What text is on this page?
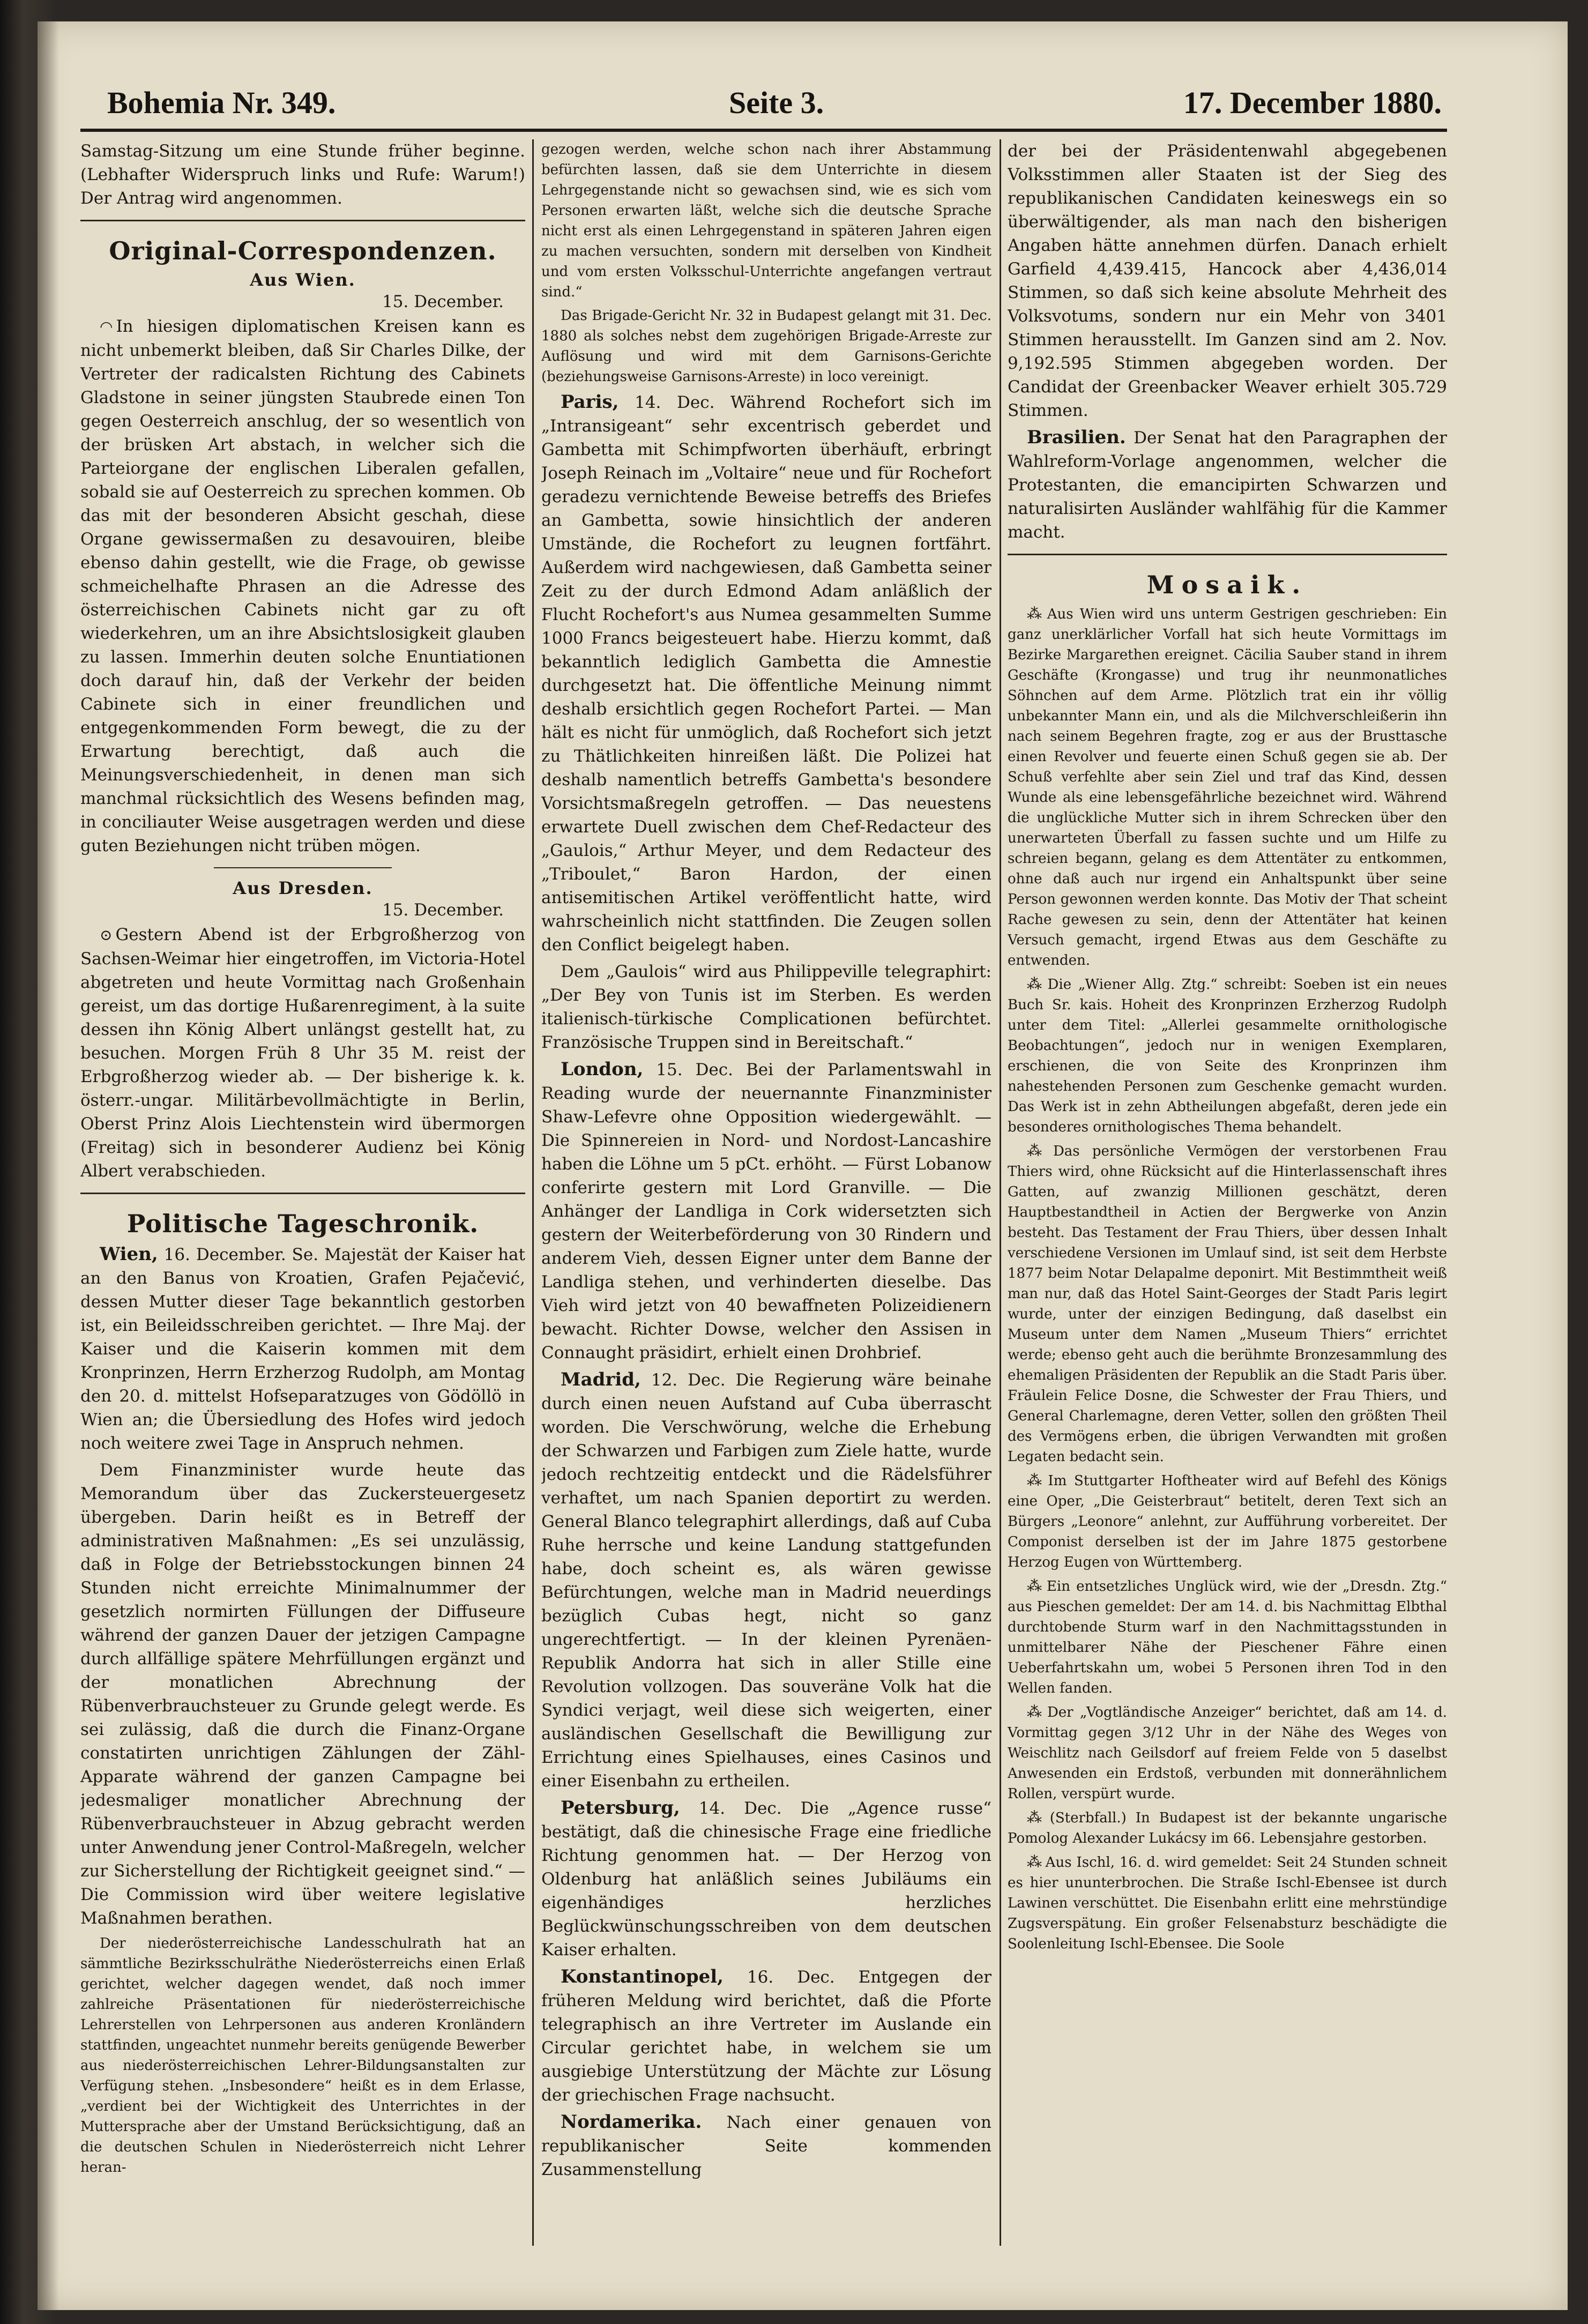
Bohemia Nr. 349.	Seite 3.	17. December 1880.

Samstag-Sitzung um eine Stunde früher beginne. (Lebhafter Widerspruch links und Rufe: Warum!) Der Antrag wird angenommen.

Original-Correspondenzen.
Aus Wien.
15. December.

◠ In hiesigen diplomatischen Kreisen kann es nicht unbemerkt bleiben, daß Sir Charles Dilke, der Vertreter der radicalsten Richtung des Cabinets Gladstone in seiner jüngsten Staubrede einen Ton gegen Oesterreich anschlug, der so wesentlich von der brüsken Art abstach, in welcher sich die Parteiorgane der englischen Liberalen gefallen, sobald sie auf Oesterreich zu sprechen kommen. Ob das mit der besonderen Absicht geschah, diese Organe gewissermaßen zu desavouiren, bleibe ebenso dahin gestellt, wie die Frage, ob gewisse schmeichelhafte Phrasen an die Adresse des österreichischen Cabinets nicht gar zu oft wiederkehren, um an ihre Absichtslosigkeit glauben zu lassen. Immerhin deuten solche Enuntiationen doch darauf hin, daß der Verkehr der beiden Cabinete sich in einer freundlichen und entgegenkommenden Form bewegt, die zu der Erwartung berechtigt, daß auch die Meinungsverschiedenheit, in denen man sich manchmal rücksichtlich des Wesens befinden mag, in conciliauter Weise ausgetragen werden und diese guten Beziehungen nicht trüben mögen.

Aus Dresden.
15. December.

⊙ Gestern Abend ist der Erbgroßherzog von Sachsen-Weimar hier eingetroffen, im Victoria-Hotel abgetreten und heute Vormittag nach Großenhain gereist, um das dortige Hußarenregiment, à la suite dessen ihn König Albert unlängst gestellt hat, zu besuchen. Morgen Früh 8 Uhr 35 M. reist der Erbgroßherzog wieder ab. — Der bisherige k. k. österr.-ungar. Militärbevollmächtigte in Berlin, Oberst Prinz Alois Liechtenstein wird übermorgen (Freitag) sich in besonderer Audienz bei König Albert verabschieden.

Politische Tageschronik.

Wien, 16. December. Se. Majestät der Kaiser hat an den Banus von Kroatien, Grafen Pejačević, dessen Mutter dieser Tage bekanntlich gestorben ist, ein Beileidsschreiben gerichtet. — Ihre Maj. der Kaiser und die Kaiserin kommen mit dem Kronprinzen, Herrn Erzherzog Rudolph, am Montag den 20. d. mittelst Hofseparatzuges von Gödöllö in Wien an; die Übersiedlung des Hofes wird jedoch noch weitere zwei Tage in Anspruch nehmen.

Dem Finanzminister wurde heute das Memorandum über das Zuckersteuergesetz übergeben. Darin heißt es in Betreff der administrativen Maßnahmen: „Es sei unzulässig, daß in Folge der Betriebsstockungen binnen 24 Stunden nicht erreichte Minimalnummer der gesetzlich normirten Füllungen der Diffuseure während der ganzen Dauer der jetzigen Campagne durch allfällige spätere Mehrfüllungen ergänzt und der monatlichen Abrechnung der Rübenverbrauchsteuer zu Grunde gelegt werde. Es sei zulässig, daß die durch die Finanz-Organe constatirten unrichtigen Zählungen der Zähl-Apparate während der ganzen Campagne bei jedesmaliger monatlicher Abrechnung der Rübenverbrauchsteuer in Abzug gebracht werden unter Anwendung jener Control-Maßregeln, welcher zur Sicherstellung der Richtigkeit geeignet sind.“ — Die Commission wird über weitere legislative Maßnahmen berathen.

Der niederösterreichische Landesschulrath hat an sämmtliche Bezirksschulräthe Niederösterreichs einen Erlaß gerichtet, welcher dagegen wendet, daß noch immer zahlreiche Präsentationen für niederösterreichische Lehrerstellen von Lehrpersonen aus anderen Kronländern stattfinden, ungeachtet nunmehr bereits genügende Bewerber aus niederösterreichischen Lehrer-Bildungsanstalten zur Verfügung stehen. „Insbesondere“ heißt es in dem Erlasse, „verdient bei der Wichtigkeit des Unterrichtes in der Muttersprache aber der Umstand Berücksichtigung, daß an die deutschen Schulen in Niederösterreich nicht Lehrer heran-

gezogen werden, welche schon nach ihrer Abstammung befürchten lassen, daß sie dem Unterrichte in diesem Lehrgegenstande nicht so gewachsen sind, wie es sich vom Personen erwarten läßt, welche sich die deutsche Sprache nicht erst als einen Lehrgegenstand in späteren Jahren eigen zu machen versuchten, sondern mit derselben von Kindheit und vom ersten Volksschul-Unterrichte angefangen vertraut sind.“

Das Brigade-Gericht Nr. 32 in Budapest gelangt mit 31. Dec. 1880 als solches nebst dem zugehörigen Brigade-Arreste zur Auflösung und wird mit dem Garnisons-Gerichte (beziehungsweise Garnisons-Arreste) in loco vereinigt.

Paris, 14. Dec. Während Rochefort sich im „Intransigeant“ sehr excentrisch geberdet und Gambetta mit Schimpfworten überhäuft, erbringt Joseph Reinach im „Voltaire“ neue und für Rochefort geradezu vernichtende Beweise betreffs des Briefes an Gambetta, sowie hinsichtlich der anderen Umstände, die Rochefort zu leugnen fortfährt. Außerdem wird nachgewiesen, daß Gambetta seiner Zeit zu der durch Edmond Adam anläßlich der Flucht Rochefort's aus Numea gesammelten Summe 1000 Francs beigesteuert habe. Hierzu kommt, daß bekanntlich lediglich Gambetta die Amnestie durchgesetzt hat. Die öffentliche Meinung nimmt deshalb ersichtlich gegen Rochefort Partei. — Man hält es nicht für unmöglich, daß Rochefort sich jetzt zu Thätlichkeiten hinreißen läßt. Die Polizei hat deshalb namentlich betreffs Gambetta's besondere Vorsichtsmaßregeln getroffen. — Das neuestens erwartete Duell zwischen dem Chef-Redacteur des „Gaulois,“ Arthur Meyer, und dem Redacteur des „Triboulet,“ Baron Hardon, der einen antisemitischen Artikel veröffentlicht hatte, wird wahrscheinlich nicht stattfinden. Die Zeugen sollen den Conflict beigelegt haben.

Dem „Gaulois“ wird aus Philippeville telegraphirt: „Der Bey von Tunis ist im Sterben. Es werden italienisch-türkische Complicationen befürchtet. Französische Truppen sind in Bereitschaft.“

London, 15. Dec. Bei der Parlamentswahl in Reading wurde der neuernannte Finanzminister Shaw-Lefevre ohne Opposition wiedergewählt. — Die Spinnereien in Nord- und Nordost-Lancashire haben die Löhne um 5 pCt. erhöht. — Fürst Lobanow conferirte gestern mit Lord Granville. — Die Anhänger der Landliga in Cork widersetzten sich gestern der Weiterbeförderung von 30 Rindern und anderem Vieh, dessen Eigner unter dem Banne der Landliga stehen, und verhinderten dieselbe. Das Vieh wird jetzt von 40 bewaffneten Polizeidienern bewacht. Richter Dowse, welcher den Assisen in Connaught präsidirt, erhielt einen Drohbrief.

Madrid, 12. Dec. Die Regierung wäre beinahe durch einen neuen Aufstand auf Cuba überrascht worden. Die Verschwörung, welche die Erhebung der Schwarzen und Farbigen zum Ziele hatte, wurde jedoch rechtzeitig entdeckt und die Rädelsführer verhaftet, um nach Spanien deportirt zu werden. General Blanco telegraphirt allerdings, daß auf Cuba Ruhe herrsche und keine Landung stattgefunden habe, doch scheint es, als wären gewisse Befürchtungen, welche man in Madrid neuerdings bezüglich Cubas hegt, nicht so ganz ungerechtfertigt. — In der kleinen Pyrenäen-Republik Andorra hat sich in aller Stille eine Revolution vollzogen. Das souveräne Volk hat die Syndici verjagt, weil diese sich weigerten, einer ausländischen Gesellschaft die Bewilligung zur Errichtung eines Spielhauses, eines Casinos und einer Eisenbahn zu ertheilen.

Petersburg, 14. Dec. Die „Agence russe“ bestätigt, daß die chinesische Frage eine friedliche Richtung genommen hat. — Der Herzog von Oldenburg hat anläßlich seines Jubiläums ein eigenhändiges herzliches Beglückwünschungsschreiben von dem deutschen Kaiser erhalten.

Konstantinopel, 16. Dec. Entgegen der früheren Meldung wird berichtet, daß die Pforte telegraphisch an ihre Vertreter im Auslande ein Circular gerichtet habe, in welchem sie um ausgiebige Unterstützung der Mächte zur Lösung der griechischen Frage nachsucht.

Nordamerika. Nach einer genauen von republikanischer Seite kommenden Zusammenstellung

der bei der Präsidentenwahl abgegebenen Volksstimmen aller Staaten ist der Sieg des republikanischen Candidaten keineswegs ein so überwältigender, als man nach den bisherigen Angaben hätte annehmen dürfen. Danach erhielt Garfield 4,439.415, Hancock aber 4,436,014 Stimmen, so daß sich keine absolute Mehrheit des Volksvotums, sondern nur ein Mehr von 3401 Stimmen herausstellt. Im Ganzen sind am 2. Nov. 9,192.595 Stimmen abgegeben worden. Der Candidat der Greenbacker Weaver erhielt 305.729 Stimmen.

Brasilien. Der Senat hat den Paragraphen der Wahlreform-Vorlage angenommen, welcher die Protestanten, die emancipirten Schwarzen und naturalisirten Ausländer wahlfähig für die Kammer macht.

Mosaik.

⁂ Aus Wien wird uns unterm Gestrigen geschrieben: Ein ganz unerklärlicher Vorfall hat sich heute Vormittags im Bezirke Margarethen ereignet. Cäcilia Sauber stand in ihrem Geschäfte (Krongasse) und trug ihr neunmonatliches Söhnchen auf dem Arme. Plötzlich trat ein ihr völlig unbekannter Mann ein, und als die Milchverschleißerin ihn nach seinem Begehren fragte, zog er aus der Brusttasche einen Revolver und feuerte einen Schuß gegen sie ab. Der Schuß verfehlte aber sein Ziel und traf das Kind, dessen Wunde als eine lebensgefährliche bezeichnet wird. Während die unglückliche Mutter sich in ihrem Schrecken über den unerwarteten Überfall zu fassen suchte und um Hilfe zu schreien begann, gelang es dem Attentäter zu entkommen, ohne daß auch nur irgend ein Anhaltspunkt über seine Person gewonnen werden konnte. Das Motiv der That scheint Rache gewesen zu sein, denn der Attentäter hat keinen Versuch gemacht, irgend Etwas aus dem Geschäfte zu entwenden.

⁂ Die „Wiener Allg. Ztg.“ schreibt: Soeben ist ein neues Buch Sr. kais. Hoheit des Kronprinzen Erzherzog Rudolph unter dem Titel: „Allerlei gesammelte ornithologische Beobachtungen“, jedoch nur in wenigen Exemplaren, erschienen, die von Seite des Kronprinzen ihm nahestehenden Personen zum Geschenke gemacht wurden. Das Werk ist in zehn Abtheilungen abgefaßt, deren jede ein besonderes ornithologisches Thema behandelt.

⁂ Das persönliche Vermögen der verstorbenen Frau Thiers wird, ohne Rücksicht auf die Hinterlassenschaft ihres Gatten, auf zwanzig Millionen geschätzt, deren Hauptbestandtheil in Actien der Bergwerke von Anzin besteht. Das Testament der Frau Thiers, über dessen Inhalt verschiedene Versionen im Umlauf sind, ist seit dem Herbste 1877 beim Notar Delapalme deponirt. Mit Bestimmtheit weiß man nur, daß das Hotel Saint-Georges der Stadt Paris legirt wurde, unter der einzigen Bedingung, daß daselbst ein Museum unter dem Namen „Museum Thiers“ errichtet werde; ebenso geht auch die berühmte Bronzesammlung des ehemaligen Präsidenten der Republik an die Stadt Paris über. Fräulein Felice Dosne, die Schwester der Frau Thiers, und General Charlemagne, deren Vetter, sollen den größten Theil des Vermögens erben, die übrigen Verwandten mit großen Legaten bedacht sein.

⁂ Im Stuttgarter Hoftheater wird auf Befehl des Königs eine Oper, „Die Geisterbraut“ betitelt, deren Text sich an Bürgers „Leonore“ anlehnt, zur Aufführung vorbereitet. Der Componist derselben ist der im Jahre 1875 gestorbene Herzog Eugen von Württemberg.

⁂ Ein entsetzliches Unglück wird, wie der „Dresdn. Ztg.“ aus Pieschen gemeldet: Der am 14. d. bis Nachmittag Elbthal durchtobende Sturm warf in den Nachmittagsstunden in unmittelbarer Nähe der Pieschener Fähre einen Ueberfahrtskahn um, wobei 5 Personen ihren Tod in den Wellen fanden.

⁂ Der „Vogtländische Anzeiger“ berichtet, daß am 14. d. Vormittag gegen 3/12 Uhr in der Nähe des Weges von Weischlitz nach Geilsdorf auf freiem Felde von 5 daselbst Anwesenden ein Erdstoß, verbunden mit donnerähnlichem Rollen, verspürt wurde.

⁂ (Sterbfall.) In Budapest ist der bekannte ungarische Pomolog Alexander Lukácsy im 66. Lebensjahre gestorben.

⁂ Aus Ischl, 16. d. wird gemeldet: Seit 24 Stunden schneit es hier ununterbrochen. Die Straße Ischl-Ebensee ist durch Lawinen verschüttet. Die Eisenbahn erlitt eine mehrstündige Zugsverspätung. Ein großer Felsenabsturz beschädigte die Soolenleitung Ischl-Ebensee. Die Soole
